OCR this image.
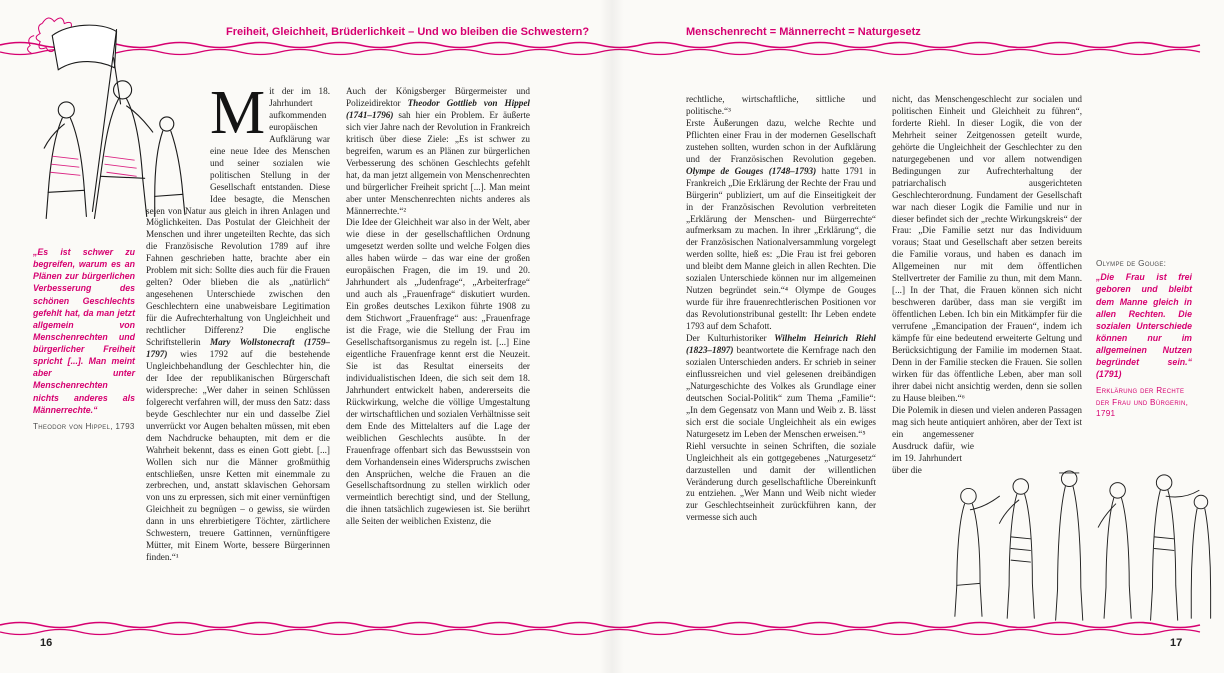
Freiheit, Gleichheit, Brüderlichkeit – Und wo bleiben die Schwestern?	Menschenrecht = Männerrecht = Naturgesetz
„Es ist schwer zu begreifen, warum es an Plänen zur bürgerlichen Verbesserung des schönen Geschlechts gefehlt hat, da man jetzt allgemein von Menschenrechten und bürgerlicher Freiheit spricht [...]. Man meint aber unter Menschenrechten nichts anderes als Männerrechte.“
Theodor von Hippel, 1793
M it der im 18. Jahrhundert aufkommenden europäischen Aufklärung war eine neue Idee des Menschen und seiner sozialen wie politischen Stellung in der Gesellschaft entstanden. Diese Idee besagte, die Menschen seien von Natur aus gleich in ihren Anlagen und Möglichkeiten. Das Postulat der Gleichheit der Menschen und ihrer ungeteilten Rechte, das sich die Französische Revolution 1789 auf ihre Fahnen geschrieben hatte, brachte aber ein Problem mit sich: Sollte dies auch für die Frauen gelten? Oder blieben die als „natürlich“ angesehenen Unterschiede zwischen den Geschlechtern eine unabweisbare Legitimation für die Aufrechterhaltung von Ungleichheit und rechtlicher Differenz? Die englische Schriftstellerin Mary Wollstonecraft (1759–1797) wies 1792 auf die bestehende Ungleichbehandlung der Geschlechter hin, die der Idee der republikanischen Bürgerschaft widerspreche: „Wer daher in seinen Schlüssen folgerecht verfahren will, der muss den Satz: dass beyde Geschlechter nur ein und dasselbe Ziel unverrückt vor Augen behalten müssen, mit eben dem Nachdrucke behaupten, mit dem er die Wahrheit bekennt, dass es einen Gott giebt. [...] Wollen sich nur die Männer großmüthig entschließen, unsre Ketten mit einemmale zu zerbrechen, und, anstatt sklavischen Gehorsam von uns zu erpressen, sich mit einer vernünftigen Gleichheit zu begnügen – o gewiss, sie würden dann in uns ehrerbietigere Töchter, zärtlichere Schwestern, treuere Gattinnen, vernünftigere Mütter, mit Einem Worte, bessere Bürgerinnen finden.“¹

Auch der Königsberger Bürgermeister und Polizeidirektor Theodor Gottlieb von Hippel (1741–1796) sah hier ein Problem. Er äußerte sich vier Jahre nach der Revolution in Frankreich kritisch über diese Ziele: „Es ist schwer zu begreifen, warum es an Plänen zur bürgerlichen Verbesserung des schönen Geschlechts gefehlt hat, da man jetzt allgemein von Menschenrechten und bürgerlicher Freiheit spricht [...]. Man meint aber unter Menschenrechten nichts anderes als Männerrechte.“²

Die Idee der Gleichheit war also in der Welt, aber wie diese in der gesellschaftlichen Ordnung umgesetzt werden sollte und welche Folgen dies alles haben würde – das war eine der großen europäischen Fragen, die im 19. und 20. Jahrhundert als „Judenfrage“, „Arbeiterfrage“ und auch als „Frauenfrage“ diskutiert wurden. Ein großes deutsches Lexikon führte 1908 zu dem Stichwort „Frauenfrage“ aus: „Frauenfrage ist die Frage, wie die Stellung der Frau im Gesellschaftsorganismus zu regeln ist. [...] Eine eigentliche Frauenfrage kennt erst die Neuzeit. Sie ist das Resultat einerseits der individualistischen Ideen, die sich seit dem 18. Jahrhundert entwickelt haben, andererseits die Rückwirkung, welche die völlige Umgestaltung der wirtschaftlichen und sozialen Verhältnisse seit dem Ende des Mittelalters auf die Lage der weiblichen Geschlechts ausübte. In der Frauenfrage offenbart sich das Bewusstsein von dem Vorhandensein eines Widerspruchs zwischen den Ansprüchen, welche die Frauen an die Gesellschaftsordnung zu stellen wirklich oder vermeintlich berechtigt sind, und der Stellung, die ihnen tatsächlich zugewiesen ist. Sie berührt alle Seiten der weiblichen Existenz, die

rechtliche, wirtschaftliche, sittliche und politische.“³

Erste Äußerungen dazu, welche Rechte und Pflichten einer Frau in der modernen Gesellschaft zustehen sollten, wurden schon in der Aufklärung und der Französischen Revolution gegeben. Olympe de Gouges (1748–1793) hatte 1791 in Frankreich „Die Erklärung der Rechte der Frau und Bürgerin“ publiziert, um auf die Einseitigkeit der in der Französischen Revolution verbreiteten „Erklärung der Menschen- und Bürgerrechte“ aufmerksam zu machen. In ihrer „Erklärung“, die der Französischen Nationalversammlung vorgelegt werden sollte, hieß es: „Die Frau ist frei geboren und bleibt dem Manne gleich in allen Rechten. Die sozialen Unterschiede können nur im allgemeinen Nutzen begründet sein.“⁴ Olympe de Gouges wurde für ihre frauenrechtlerischen Positionen vor das Revolutionstribunal gestellt: Ihr Leben endete 1793 auf dem Schafott.

Der Kulturhistoriker Wilhelm Heinrich Riehl (1823–1897) beantwortete die Kernfrage nach den sozialen Unterschieden anders. Er schrieb in seiner einflussreichen und viel gelesenen dreibändigen „Naturgeschichte des Volkes als Grundlage einer deutschen Social-Politik“ zum Thema „Familie“: „In dem Gegensatz von Mann und Weib z. B. lässt sich erst die sociale Ungleichheit als ein ewiges Naturgesetz im Leben der Menschen erweisen.“⁵

Riehl versuchte in seinen Schriften, die soziale Ungleichheit als ein gottgegebenes „Naturgesetz“ darzustellen und damit der willentlichen Veränderung durch gesellschaftliche Übereinkunft zu entziehen. „Wer Mann und Weib nicht wieder zur Geschlechtseinheit zurückführen kann, der vermesse sich auch

nicht, das Menschengeschlecht zur socialen und politischen Einheit und Gleichheit zu führen“, forderte Riehl. In dieser Logik, die von der Mehrheit seiner Zeitgenossen geteilt wurde, gehörte die Ungleichheit der Geschlechter zu den naturgegebenen und vor allem notwendigen Bedingungen zur Aufrechterhaltung der patriarchalisch ausgerichteten Geschlechterordnung. Fundament der Gesellschaft war nach dieser Logik die Familie und nur in dieser befindet sich der „rechte Wirkungskreis“ der Frau: „Die Familie setzt nur das Individuum voraus; Staat und Gesellschaft aber setzen bereits die Familie voraus, und haben es danach im Allgemeinen nur mit dem öffentlichen Stellvertreter der Familie zu thun, mit dem Mann. [...] In der That, die Frauen können sich nicht beschweren darüber, dass man sie vergißt im öffentlichen Leben. Ich bin ein Mitkämpfer für die verrufene „Emancipation der Frauen“, indem ich kämpfe für eine bedeutend erweiterte Geltung und Berücksichtigung der Familie im modernen Staat. Denn in der Familie stecken die Frauen. Sie sollen wirken für das öffentliche Leben, aber man soll ihrer dabei nicht ansichtig werden, denn sie sollen zu Hause bleiben.“⁶

Die Polemik in diesen und vielen anderen Passagen mag sich heute antiquiert anhören, aber der Text ist ein angemessener Ausdruck dafür, wie im 19. Jahrhundert über die

Olympe de Gouge:
„Die Frau ist frei geboren und bleibt dem Manne gleich in allen Rechten. Die sozialen Unterschiede können nur im allgemeinen Nutzen begründet sein.“ (1791)
Erklärung der Rechte der Frau und Bürgerin, 1791
16	17
